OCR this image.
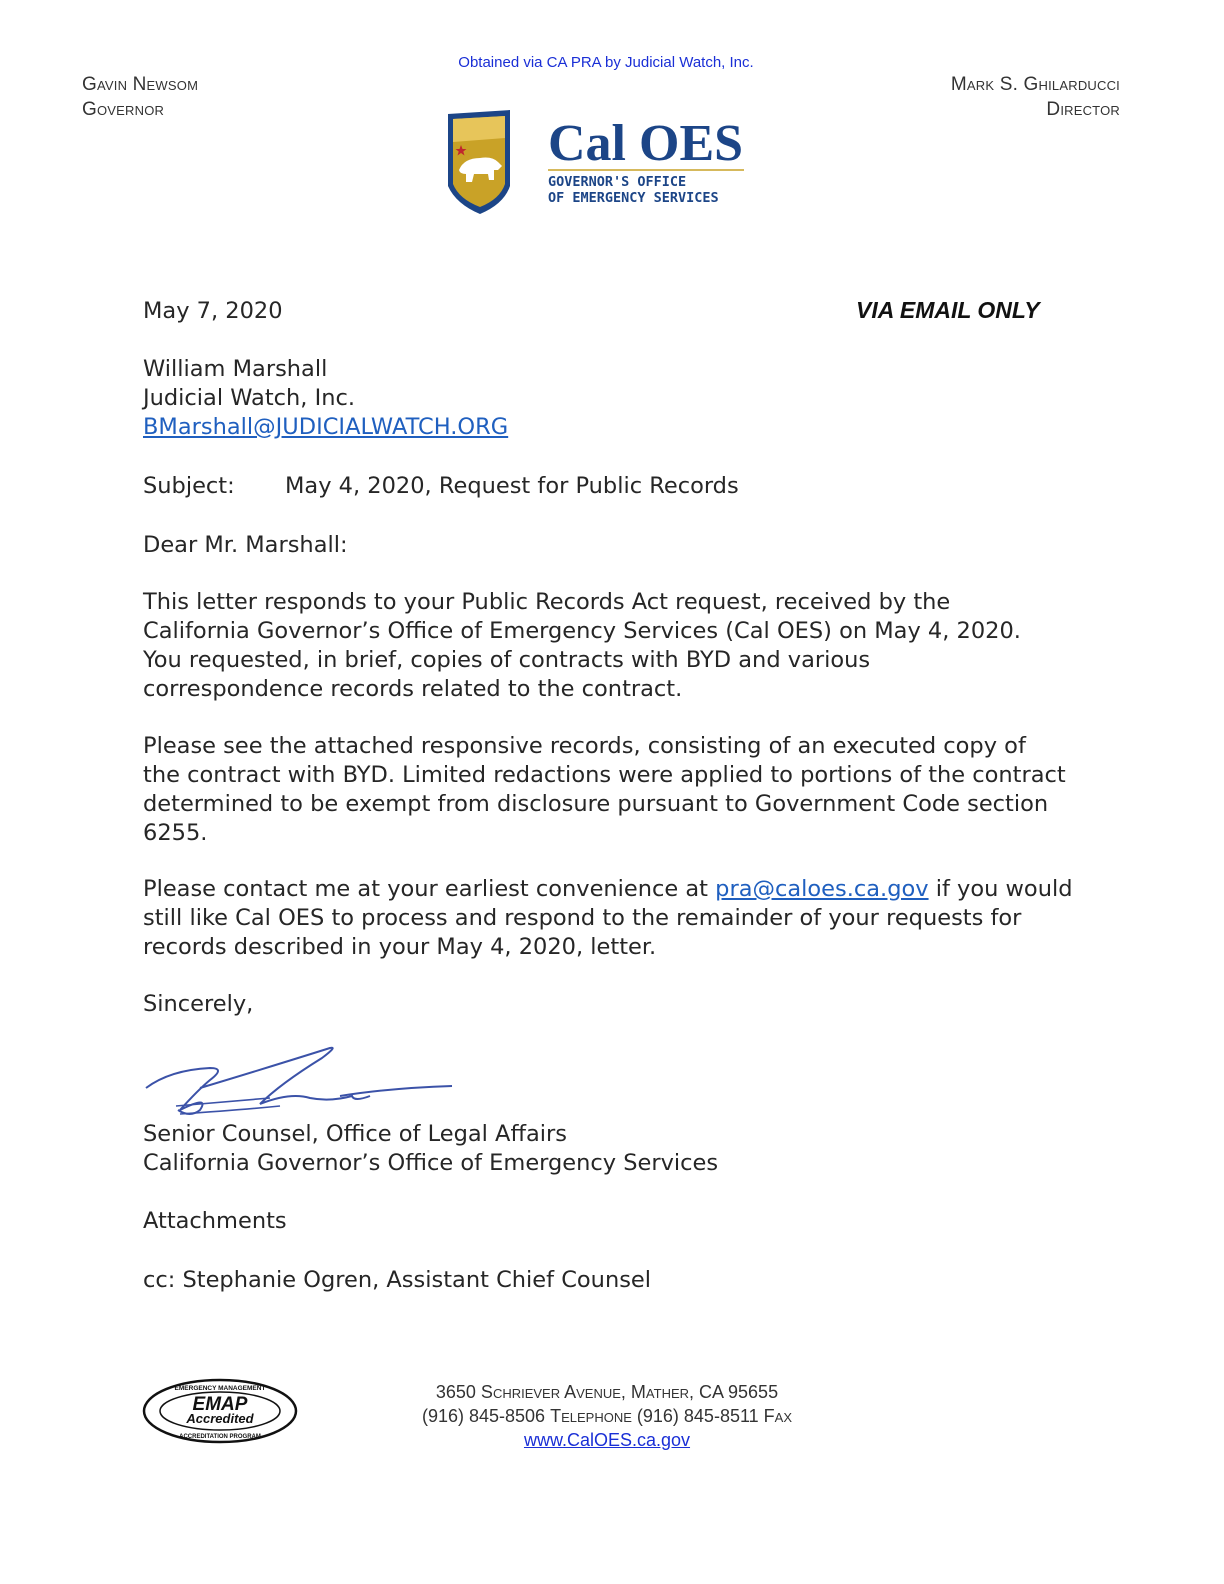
Obtained via CA PRA by Judicial Watch, Inc.
Gavin Newsom
Governor
Mark S. Ghilarducci
Director
Cal OES
GOVERNOR'S OFFICE
OF EMERGENCY SERVICES
May 7, 2020	VIA EMAIL ONLY
William Marshall
Judicial Watch, Inc.
BMarshall@JUDICIALWATCH.ORG
Subject: May 4, 2020, Request for Public Records
Dear Mr. Marshall:

This letter responds to your Public Records Act request, received by the California Governor’s Office of Emergency Services (Cal OES) on May 4, 2020. You requested, in brief, copies of contracts with BYD and various correspondence records related to the contract.

Please see the attached responsive records, consisting of an executed copy of the contract with BYD. Limited redactions were applied to portions of the contract determined to be exempt from disclosure pursuant to Government Code section 6255.

Please contact me at your earliest convenience at pra@caloes.ca.gov if you would still like Cal OES to process and respond to the remainder of your requests for records described in your May 4, 2020, letter.

Sincerely,
Senior Counsel, Office of Legal Affairs
California Governor’s Office of Emergency Services
Attachments
cc: Stephanie Ogren, Assistant Chief Counsel
EMERGENCY MANAGEMENT
EMAP
Accredited
ACCREDITATION PROGRAM
3650 Schriever Avenue, Mather, CA 95655
(916) 845-8506 Telephone (916) 845-8511 Fax
www.CalOES.ca.gov
